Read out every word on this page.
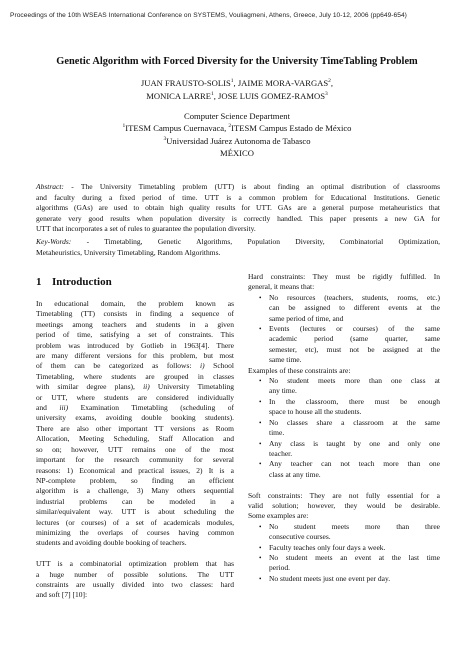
Proceedings of the 10th WSEAS International Conference on SYSTEMS, Vouliagmeni, Athens, Greece, July 10-12, 2006 (pp649-654)
Genetic Algorithm with Forced Diversity for the University TimeTabling Problem
JUAN FRAUSTO-SOLIS$^1$, JAIME MORA-VARGAS$^2$,
MONICA LARRE$^1$, JOSE LUIS GOMEZ-RAMOS$^3$
Computer Science Department
$^1$ITESM Campus Cuernavaca, $^2$ITESM Campus Estado de México
$^3$Universidad Juárez Autonoma de Tabasco
MÉXICO
Abstract: - The University Timetabling problem (UTT) is about finding an optimal distribution of classrooms
and faculty during a fixed period of time. UTT is a common problem for Educational Institutions. Genetic
algorithms (GAs) are used to obtain high quality results for UTT. GAs are a general purpose metaheuristics that
generate very good results when population diversity is correctly handled. This paper presents a new GA for
UTT that incorporates a set of rules to guarantee the population diversity.
Key-Words: - Timetabling, Genetic Algorithms, Population Diversity, Combinatorial Optimization,
Metaheuristics, University Timetabling, Random Algorithms.
1 Introduction
In educational domain, the problem known as
Timetabling (TT) consists in finding a sequence of
meetings among teachers and students in a given
period of time, satisfying a set of constraints. This
problem was introduced by Gotlieb in 1963[4]. There
are many different versions for this problem, but most
of them can be categorized as follows: i) School
Timetabling, where students are grouped in classes
with similar degree plans), ii) University Timetabling
or UTT, where students are considered individually
and iii) Examination Timetabling (scheduling of
university exams, avoiding double booking students).
There are also other important TT versions as Room
Allocation, Meeting Scheduling, Staff Allocation and
so on; however, UTT remains one of the most
important for the research community for several
reasons: 1) Economical and practical issues, 2) It is a
NP-complete problem, so finding an efficient
algorithm is a challenge, 3) Many others sequential
industrial problems can be modeled in a
similar/equivalent way. UTT is about scheduling the
lectures (or courses) of a set of academicals modules,
minimizing the overlaps of courses having common
students and avoiding double booking of teachers.
UTT is a combinatorial optimization problem that has
a huge number of possible solutions. The UTT
constraints are usually divided into two classes: hard
and soft [7] [10]:
Hard constraints: They must be rigidly fulfilled. In
general, it means that:
•	No resources (teachers, students, rooms, etc.)
can be assigned to different events at the
same period of time, and
•	Events (lectures or courses) of the same
academic period (same quarter, same
semester, etc), must not be assigned at the
same time.
Examples of these constraints are:
•	No student meets more than one class at
any time.
•	In the classroom, there must be enough
space to house all the students.
•	No classes share a classroom at the same
time.
•	Any class is taught by one and only one
teacher.
•	Any teacher can not teach more than one
class at any time.
Soft constraints: They are not fully essential for a
valid solution; however, they would be desirable.
Some examples are:
•	No student meets more than three
consecutive courses.
•	Faculty teaches only four days a week.
•	No student meets an event at the last time
period.
•	No student meets just one event per day.
